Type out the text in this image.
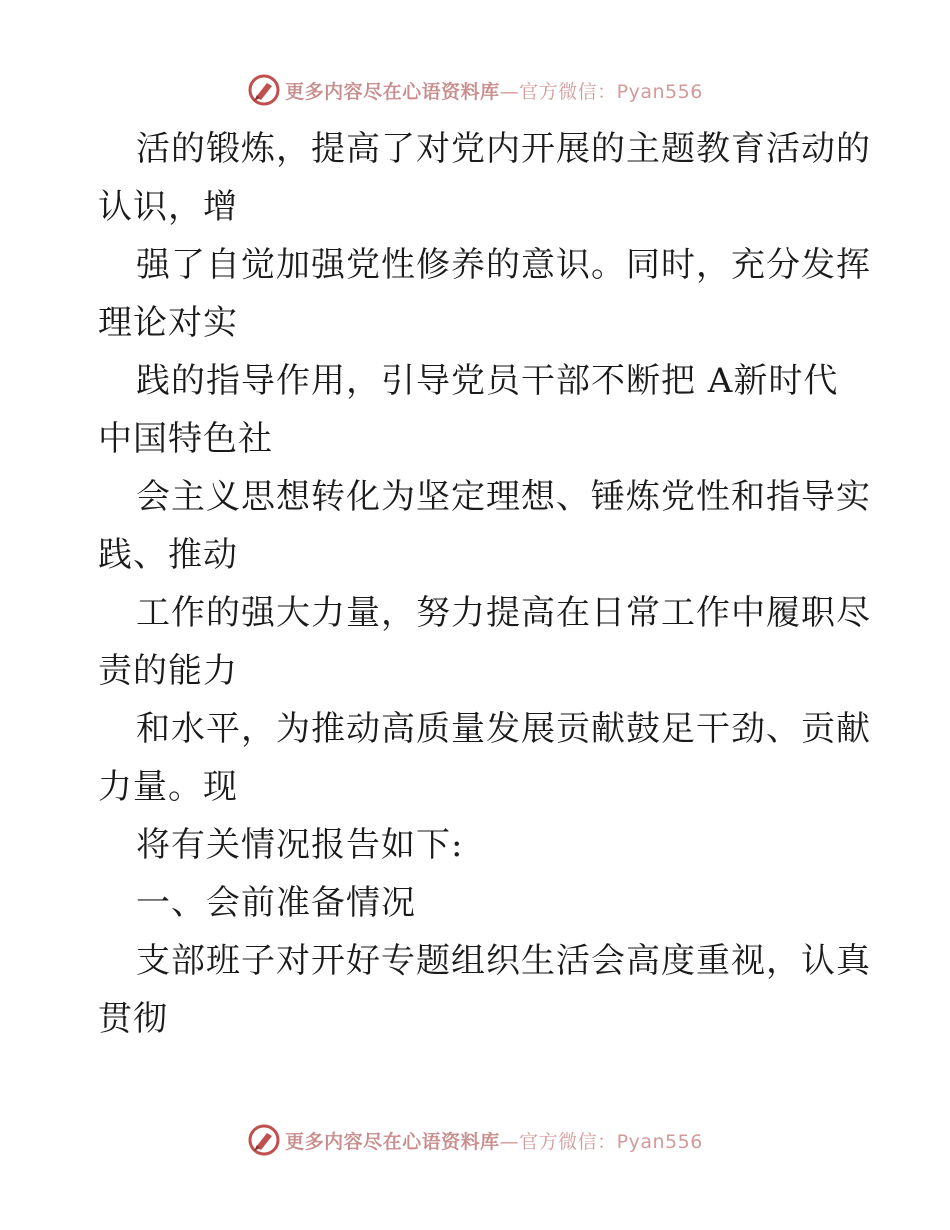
更多内容尽在心语资料库—官方微信：Pyan556
活的锻炼，提高了对党内开展的主题教育活动的
认识，增
强了自觉加强党性修养的意识。同时，充分发挥
理论对实
践的指导作用，引导党员干部不断把 A新时代
中国特色社
会主义思想转化为坚定理想、锤炼党性和指导实
践、推动
工作的强大力量，努力提高在日常工作中履职尽
责的能力
和水平，为推动高质量发展贡献鼓足干劲、贡献
力量。现
将有关情况报告如下:
一、会前准备情况
支部班子对开好专题组织生活会高度重视，认真
贯彻
更多内容尽在心语资料库—官方微信：Pyan556
